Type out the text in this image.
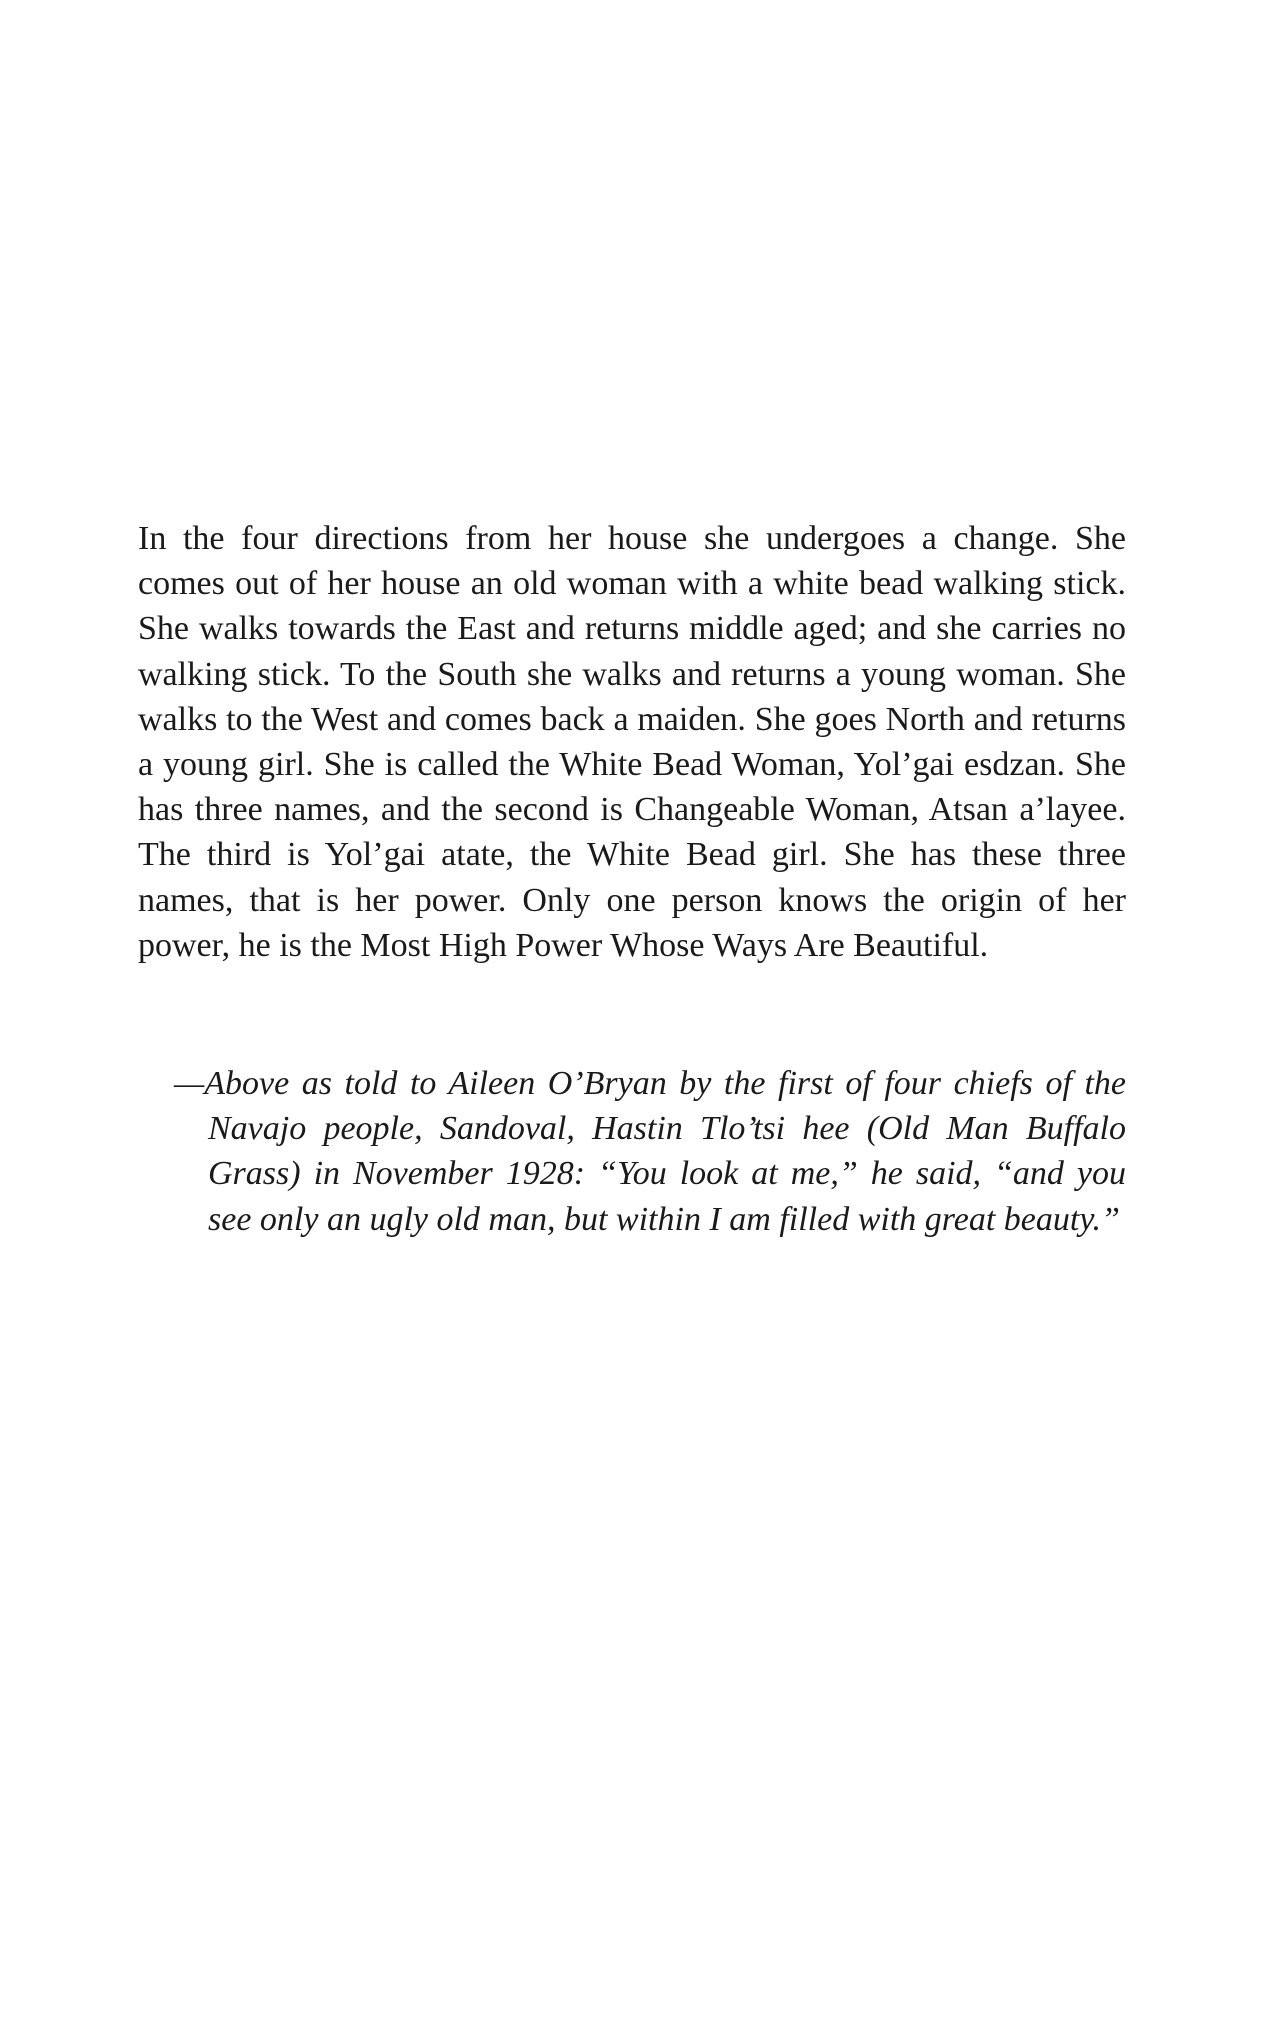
In the four directions from her house she undergoes a change. She comes out of her house an old woman with a white bead walking stick. She walks towards the East and returns middle aged; and she carries no walking stick. To the South she walks and returns a young woman. She walks to the West and comes back a maiden. She goes North and returns a young girl. She is called the White Bead Woman, Yol’gai esdzan. She has three names, and the second is Changeable Woman, Atsan a’layee. The third is Yol’gai atate, the White Bead girl. She has these three names, that is her power. Only one person knows the origin of her power, he is the Most High Power Whose Ways Are Beautiful.

—Above as told to Aileen O’Bryan by the first of four chiefs of the Navajo people, Sandoval, Hastin Tlo’tsi hee (Old Man Buffalo Grass) in November 1928: “You look at me,” he said, “and you see only an ugly old man, but within I am filled with great beauty.”
